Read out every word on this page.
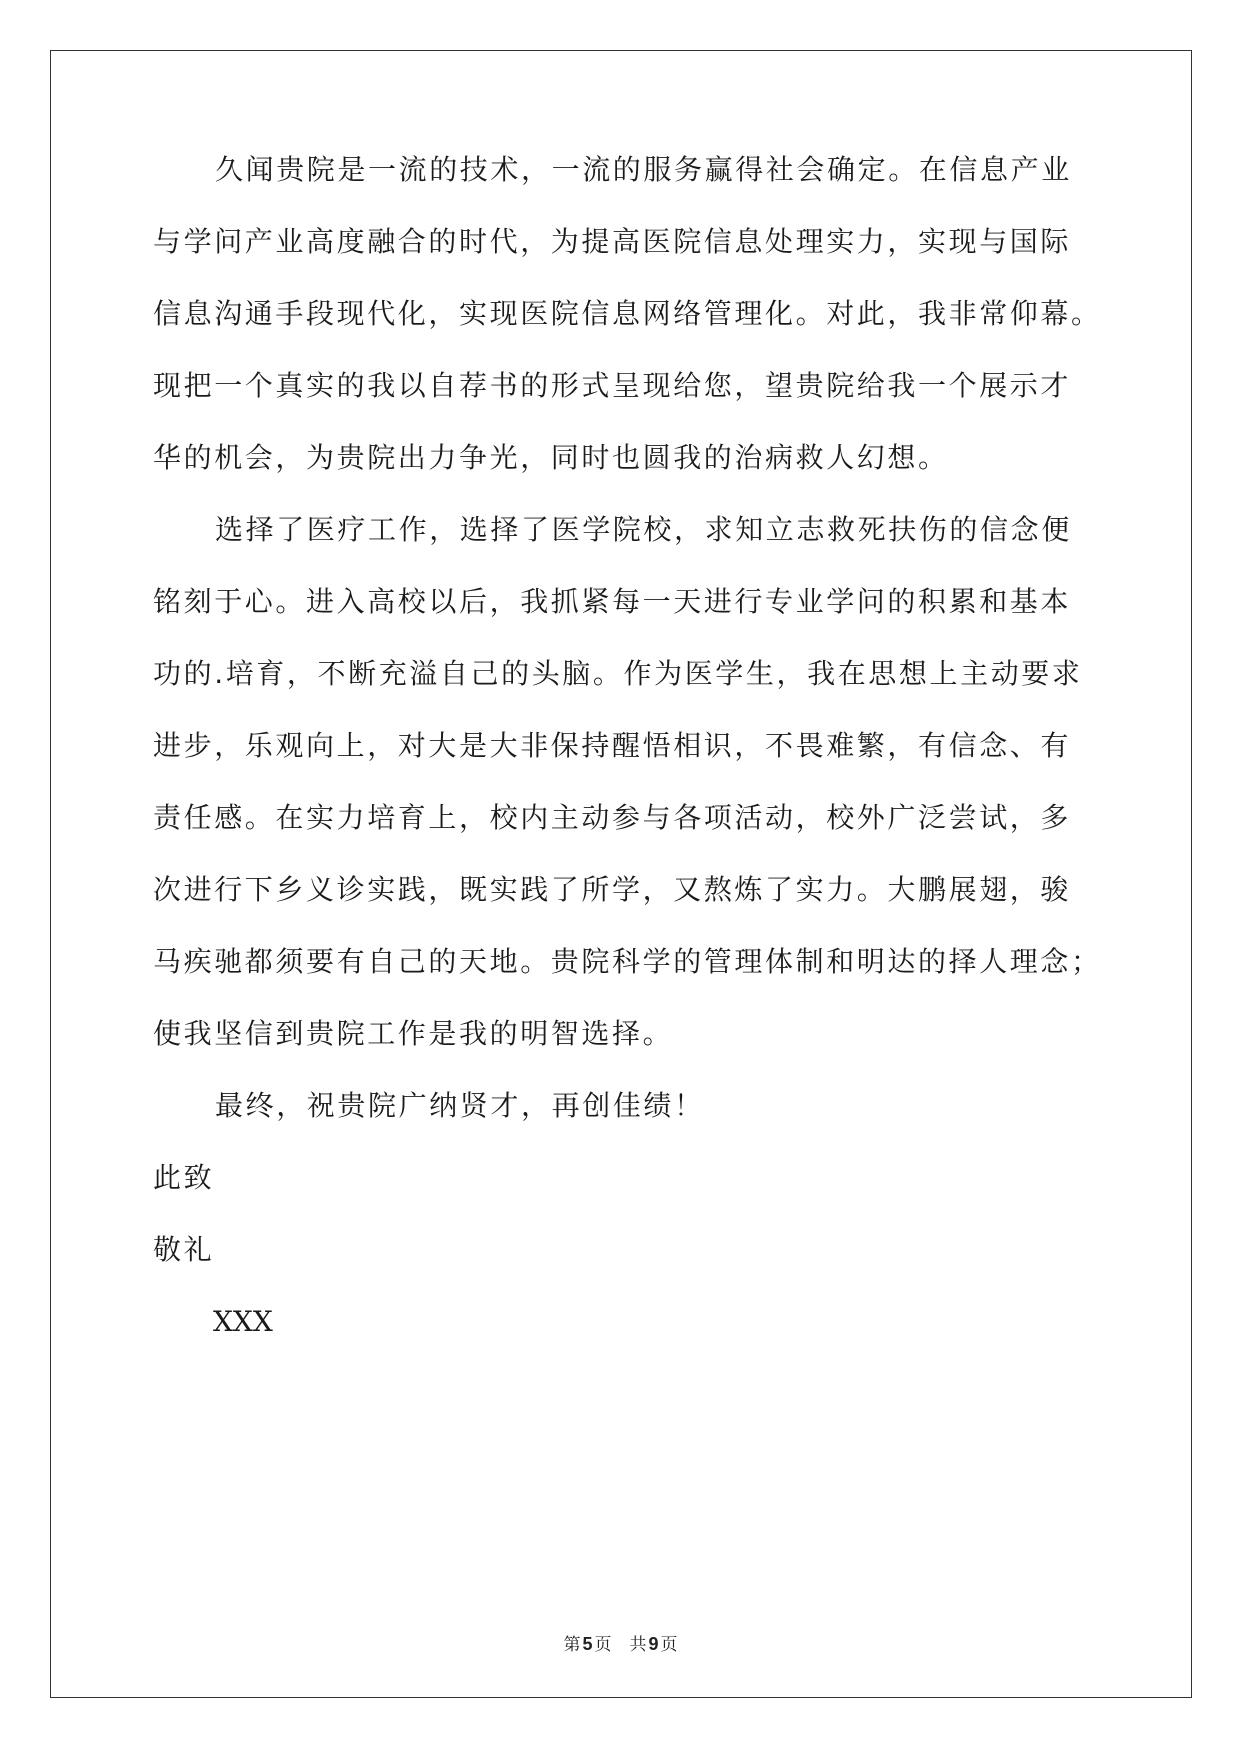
久闻贵院是一流的技术，一流的服务赢得社会确定。在信息产业
与学问产业高度融合的时代，为提高医院信息处理实力，实现与国际
信息沟通手段现代化，实现医院信息网络管理化。对此，我非常仰幕。
现把一个真实的我以自荐书的形式呈现给您，望贵院给我一个展示才
华的机会，为贵院出力争光，同时也圆我的治病救人幻想。
选择了医疗工作，选择了医学院校，求知立志救死扶伤的信念便
铭刻于心。进入高校以后，我抓紧每一天进行专业学问的积累和基本
功的.培育，不断充溢自己的头脑。作为医学生，我在思想上主动要求
进步，乐观向上，对大是大非保持醒悟相识，不畏难繁，有信念、有
责任感。在实力培育上，校内主动参与各项活动，校外广泛尝试，多
次进行下乡义诊实践，既实践了所学，又熬炼了实力。大鹏展翅，骏
马疾驰都须要有自己的天地。贵院科学的管理体制和明达的择人理念；
使我坚信到贵院工作是我的明智选择。
最终，祝贵院广纳贤才，再创佳绩！
此致
敬礼
XXX
第 5 页 共 9 页
